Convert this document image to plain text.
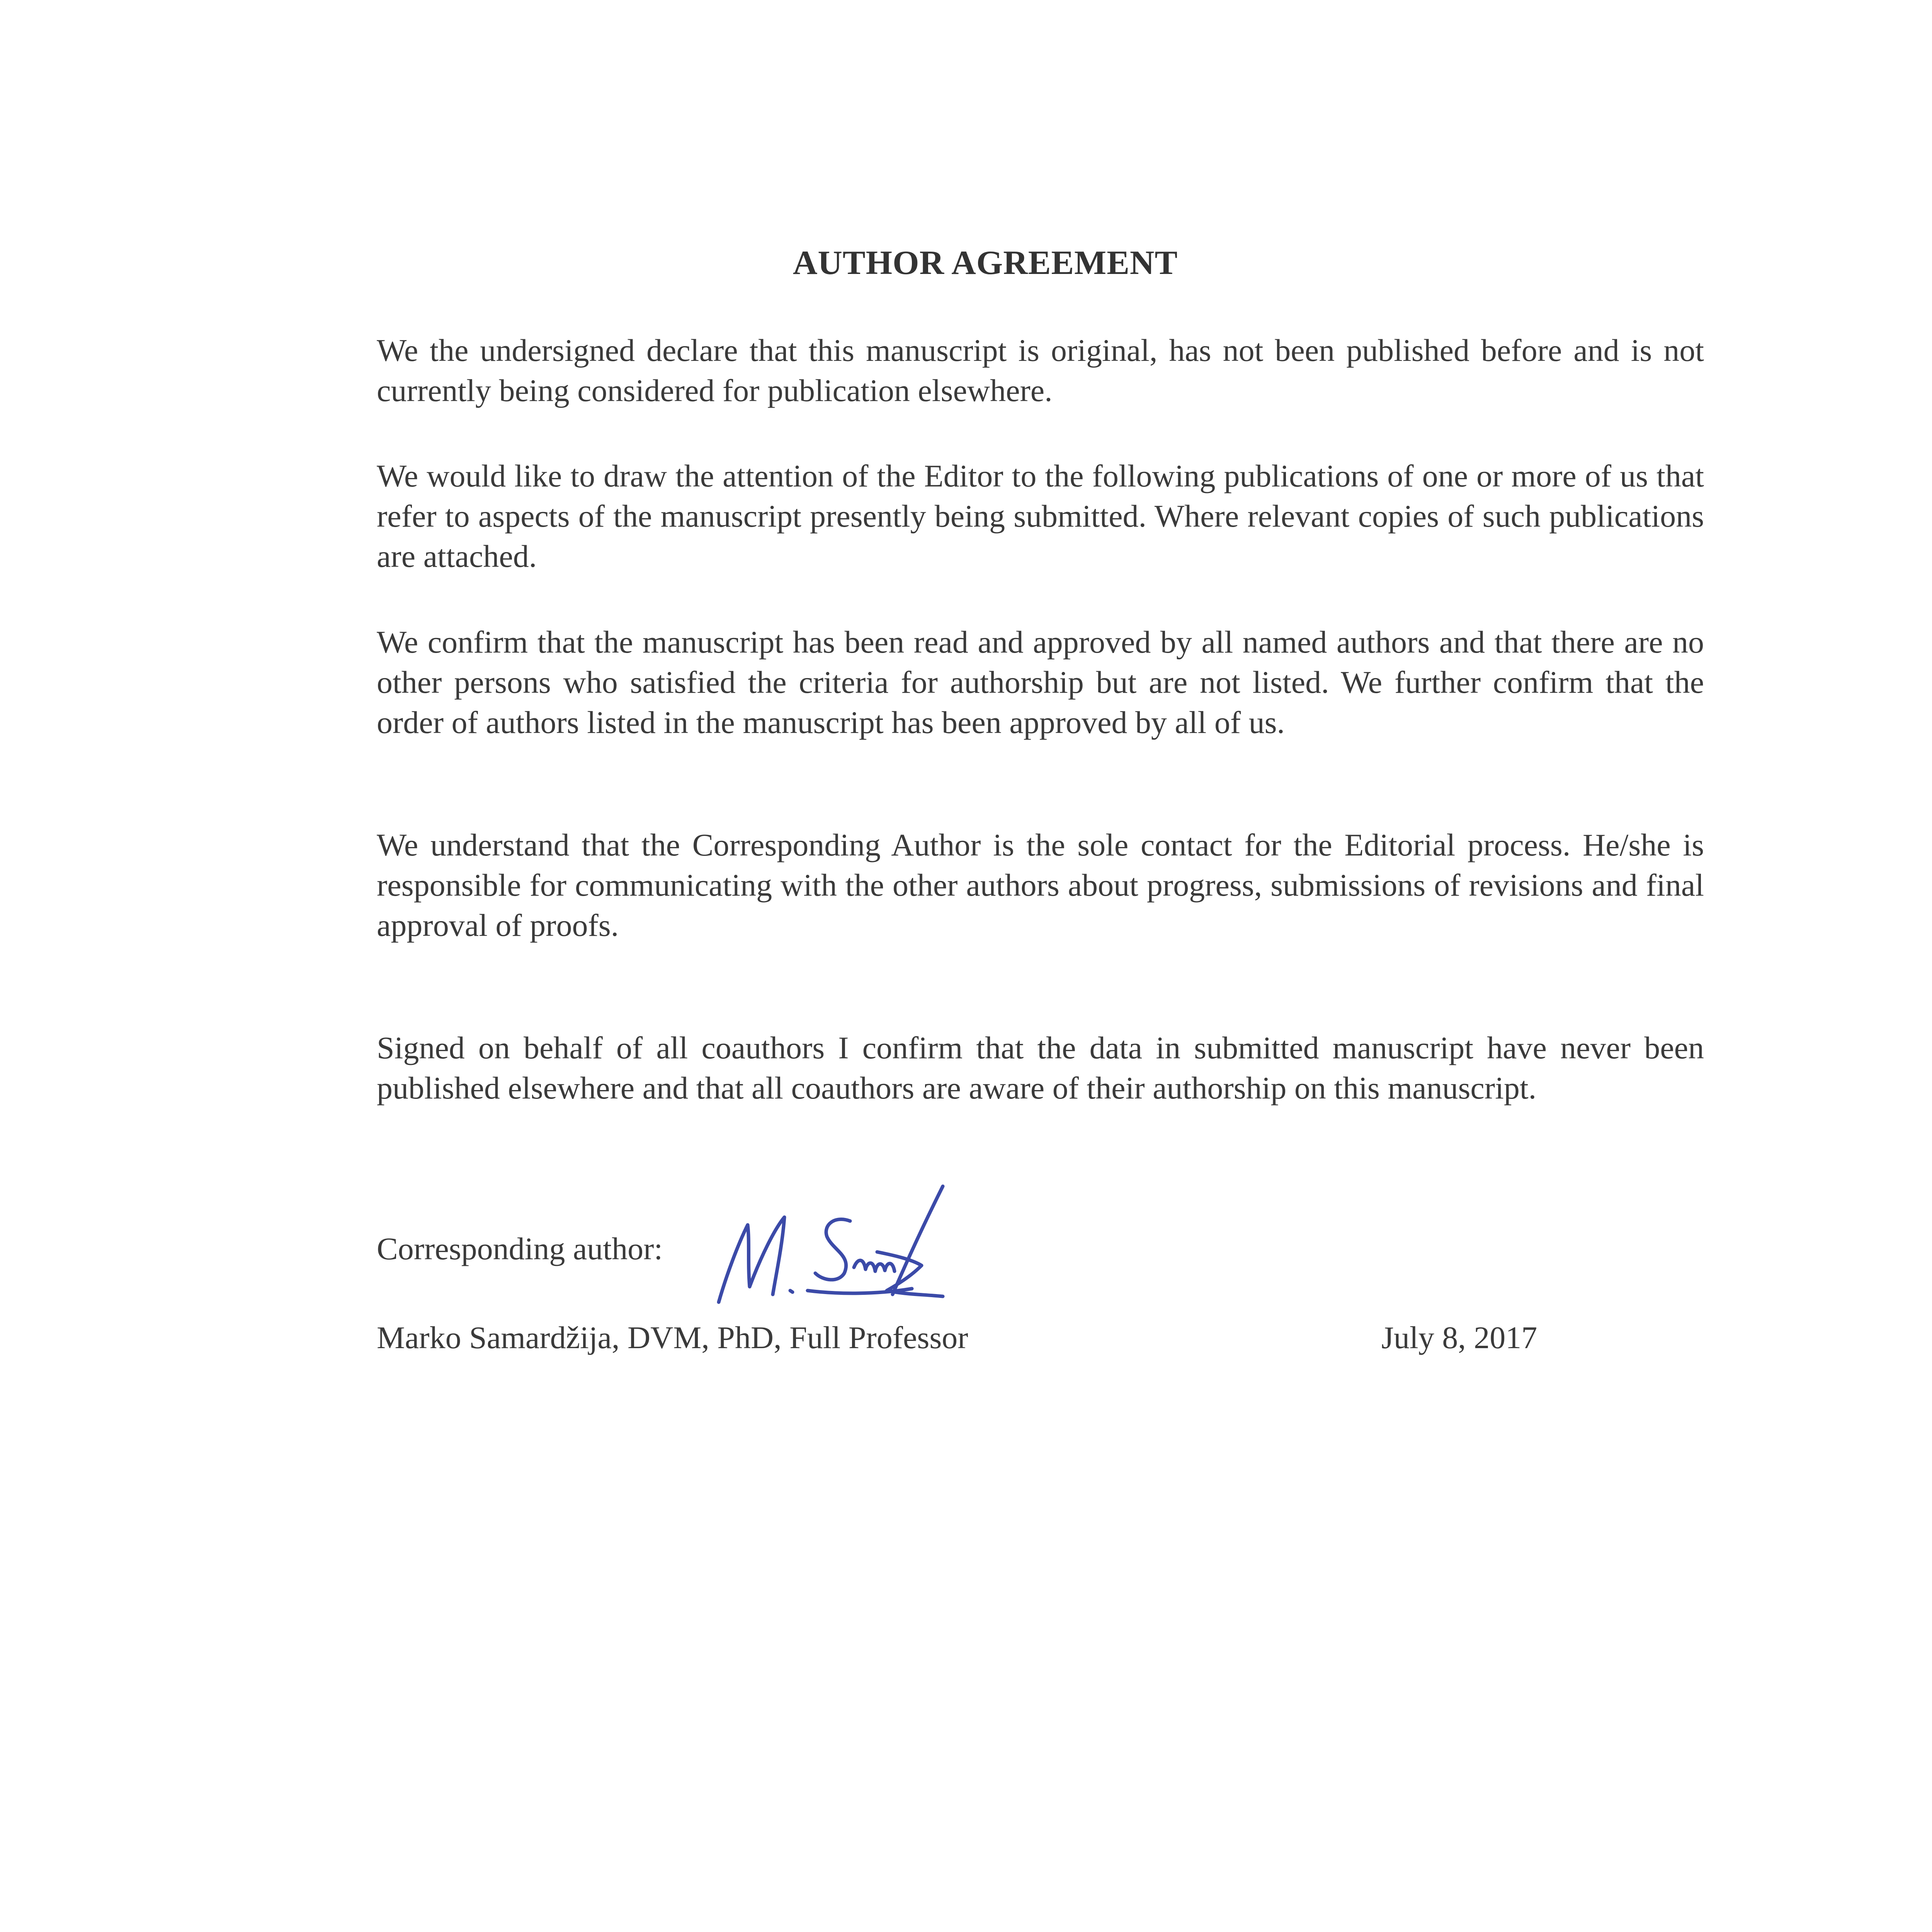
AUTHOR AGREEMENT

We the undersigned declare that this manuscript is original, has not been published before and is not currently being considered for publication elsewhere.

We would like to draw the attention of the Editor to the following publications of one or more of us that refer to aspects of the manuscript presently being submitted. Where relevant copies of such publications are attached.

We confirm that the manuscript has been read and approved by all named authors and that there are no other persons who satisfied the criteria for authorship but are not listed. We further confirm that the order of authors listed in the manuscript has been approved by all of us.

We understand that the Corresponding Author is the sole contact for the Editorial process. He/she is responsible for communicating with the other authors about progress, submissions of revisions and final approval of proofs.

Signed on behalf of all coauthors I confirm that the data in submitted manuscript have never been published elsewhere and that all coauthors are aware of their authorship on this manuscript.

Corresponding author:

Marko Samardžija, DVM, PhD, Full Professor	July 8, 2017
